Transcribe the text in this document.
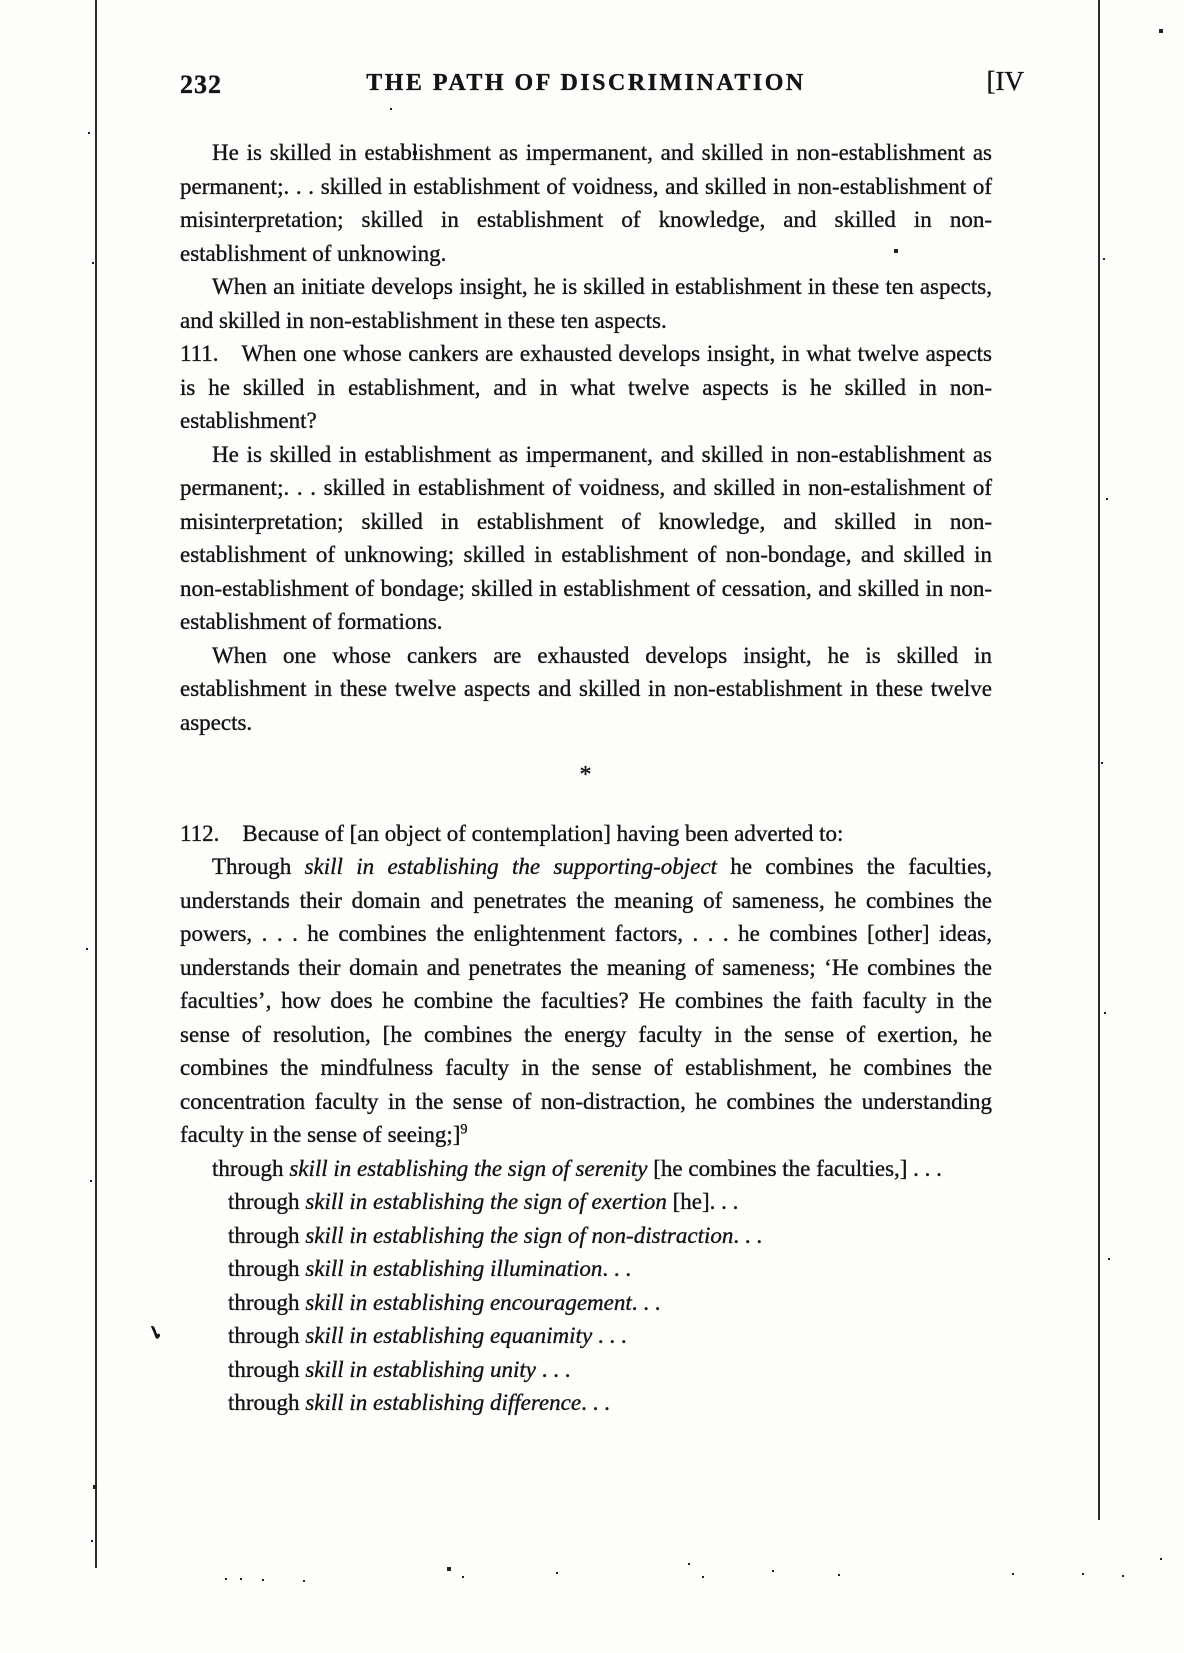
232	THE PATH OF DISCRIMINATION	[IV

He is skilled in establishment as impermanent, and skilled in non-establishment as permanent;. . . skilled in establishment of voidness, and skilled in non-establishment of misinterpretation; skilled in establishment of knowledge, and skilled in non-establishment of unknowing.

When an initiate develops insight, he is skilled in establishment in these ten aspects, and skilled in non-establishment in these ten aspects.

111. When one whose cankers are exhausted develops insight, in what twelve aspects is he skilled in establishment, and in what twelve aspects is he skilled in non-establishment?

He is skilled in establishment as impermanent, and skilled in non-establishment as permanent;. . . skilled in establishment of voidness, and skilled in non-estalishment of misinterpretation; skilled in establishment of knowledge, and skilled in non-establishment of unknowing; skilled in establishment of non-bondage, and skilled in non-establishment of bondage; skilled in establishment of cessation, and skilled in non-establishment of formations.

When one whose cankers are exhausted develops insight, he is skilled in establishment in these twelve aspects and skilled in non-establishment in these twelve aspects.

*

112. Because of [an object of contemplation] having been adverted to:

Through skill in establishing the supporting-object he combines the faculties, understands their domain and penetrates the meaning of sameness, he combines the powers, . . . he combines the enlightenment factors, . . . he combines [other] ideas, understands their domain and penetrates the meaning of sameness; ‘He combines the faculties’, how does he combine the faculties? He combines the faith faculty in the sense of resolution, [he combines the energy faculty in the sense of exertion, he combines the mindfulness faculty in the sense of establishment, he combines the concentration faculty in the sense of non-distraction, he combines the understanding faculty in the sense of seeing;]$^9$

through skill in establishing the sign of serenity [he combines the faculties,] . . .

through skill in establishing the sign of exertion [he]. . .

through skill in establishing the sign of non-distraction. . .

through skill in establishing illumination. . .

through skill in establishing encouragement. . .

through skill in establishing equanimity . . .
✓

through skill in establishing unity . . .

through skill in establishing difference. . .
